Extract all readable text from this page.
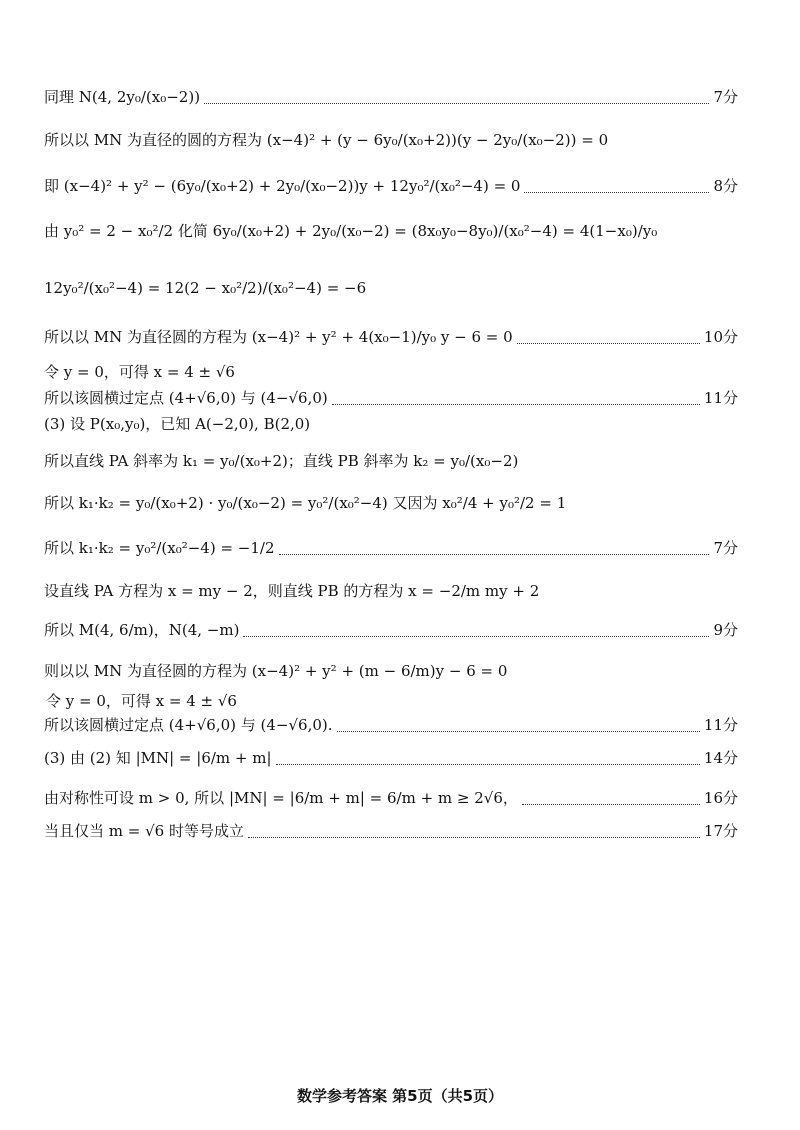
同理 N(4, 2y₀/(x₀−2))	7分
所以以 MN 为直径的圆的方程为 (x−4)² + (y − 6y₀/(x₀+2))(y − 2y₀/(x₀−2)) = 0
即 (x−4)² + y² − (6y₀/(x₀+2) + 2y₀/(x₀−2))y + 12y₀²/(x₀²−4) = 0	8分
由 y₀² = 2 − x₀²/2 化简 6y₀/(x₀+2) + 2y₀/(x₀−2) = (8x₀y₀−8y₀)/(x₀²−4) = 4(1−x₀)/y₀
12y₀²/(x₀²−4) = 12(2 − x₀²/2)/(x₀²−4) = −6
所以以 MN 为直径圆的方程为 (x−4)² + y² + 4(x₀−1)/y₀ y − 6 = 0	10分
令 y = 0，可得 x = 4 ± √6
所以该圆横过定点 (4+√6,0) 与 (4−√6,0)	11分
(3) 设 P(x₀,y₀)，已知 A(−2,0), B(2,0)
所以直线 PA 斜率为 k₁ = y₀/(x₀+2)；直线 PB 斜率为 k₂ = y₀/(x₀−2)
所以 k₁·k₂ = y₀/(x₀+2) · y₀/(x₀−2) = y₀²/(x₀²−4) 又因为 x₀²/4 + y₀²/2 = 1
所以 k₁·k₂ = y₀²/(x₀²−4) = −1/2	7分
设直线 PA 方程为 x = my − 2，则直线 PB 的方程为 x = −2/m my + 2
所以 M(4, 6/m)，N(4, −m)	9分
则以以 MN 为直径圆的方程为 (x−4)² + y² + (m − 6/m)y − 6 = 0
令 y = 0，可得 x = 4 ± √6
所以该圆横过定点 (4+√6,0) 与 (4−√6,0).	11分
(3) 由 (2) 知 |MN| = |6/m + m|	14分
由对称性可设 m > 0, 所以 |MN| = |6/m + m| = 6/m + m ≥ 2√6，	16分
当且仅当 m = √6 时等号成立	17分
数学参考答案 第5页（共5页）
